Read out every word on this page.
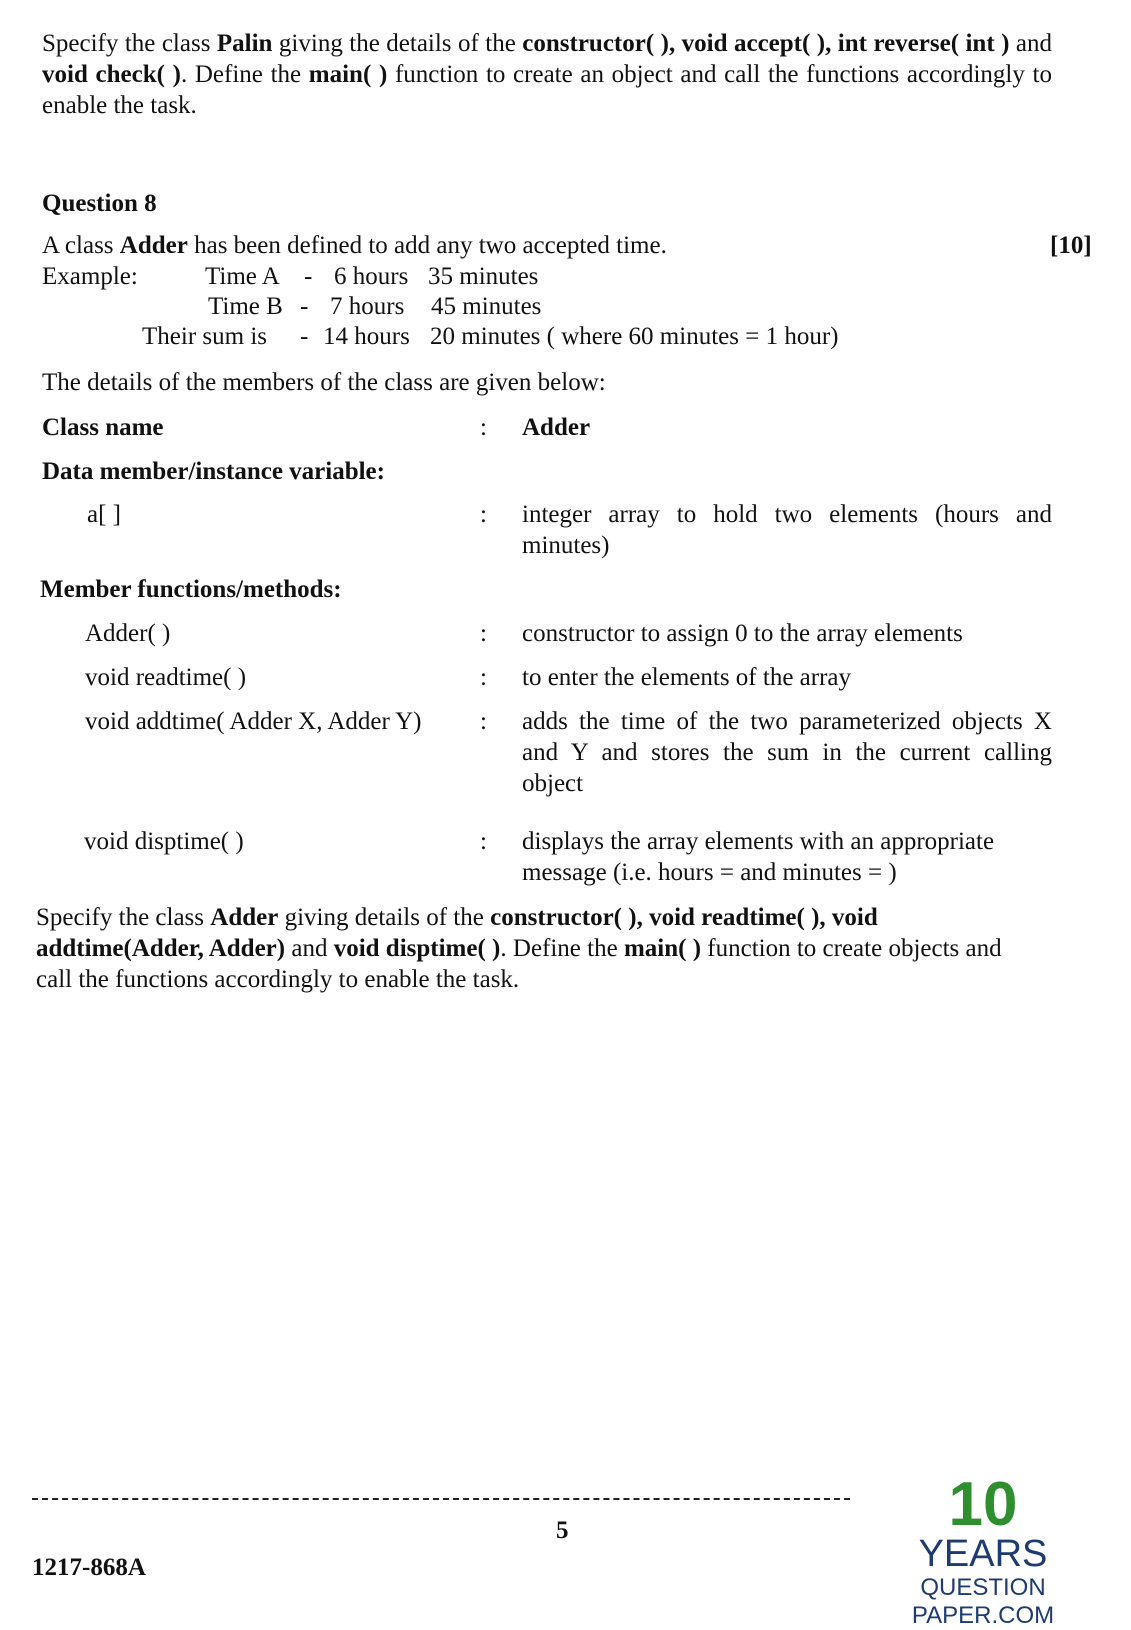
Specify the class Palin giving the details of the constructor( ), void accept( ), int reverse( int ) and void check( ). Define the main( ) function to create an object and call the functions accordingly to enable the task.
Question 8
A class Adder has been defined to add any two accepted time.	[10]
Example:	Time A - 6 hours 35 minutes
Time B - 7 hours 45 minutes
Their sum is - 14 hours 20 minutes ( where 60 minutes = 1 hour)
The details of the members of the class are given below:
Class name	: Adder
Data member/instance variable:
a[ ]	: integer array to hold two elements (hours and minutes)
Member functions/methods:
Adder( )	: constructor to assign 0 to the array elements
void readtime( )	: to enter the elements of the array
void addtime( Adder X, Adder Y) : adds the time of the two parameterized objects X and Y and stores the sum in the current calling object
void disptime( )	: displays the array elements with an appropriate message (i.e. hours = and minutes = )
Specify the class Adder giving details of the constructor( ), void readtime( ), void addtime(Adder, Adder) and void disptime( ). Define the main( ) function to create objects and call the functions accordingly to enable the task.
5
1217-868A
10
YEARS
QUESTION PAPER.COM
